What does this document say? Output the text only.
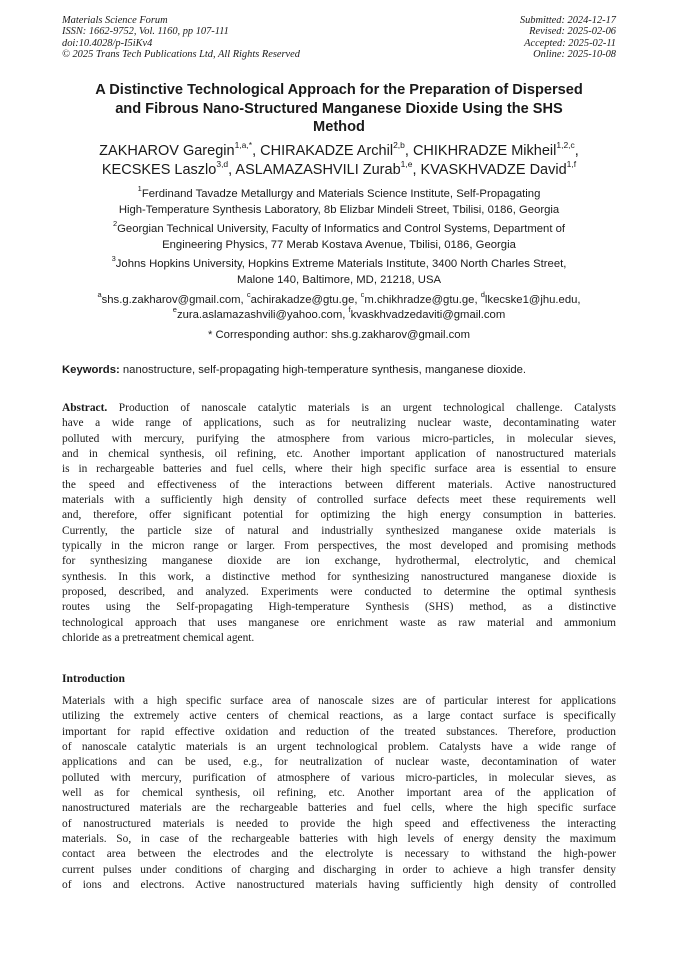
Materials Science Forum
ISSN: 1662-9752, Vol. 1160, pp 107-111
doi:10.4028/p-I5iKv4
© 2025 Trans Tech Publications Ltd, All Rights Reserved
Submitted: 2024-12-17
Revised: 2025-02-06
Accepted: 2025-02-11
Online: 2025-10-08
A Distinctive Technological Approach for the Preparation of Dispersed
and Fibrous Nano-Structured Manganese Dioxide Using the SHS
Method
ZAKHAROV Garegin$^{1,a,*}$, CHIRAKADZE Archil$^{2,b}$, CHIKHRADZE Mikheil$^{1,2,c}$,
KECSKES Laszlo$^{3,d}$, ASLAMAZASHVILI Zurab$^{1,e}$, KVASKHVADZE David$^{1,f}$
$^1$Ferdinand Tavadze Metallurgy and Materials Science Institute, Self-Propagating
High-Temperature Synthesis Laboratory, 8b Elizbar Mindeli Street, Tbilisi, 0186, Georgia
$^2$Georgian Technical University, Faculty of Informatics and Control Systems, Department of
Engineering Physics, 77 Merab Kostava Avenue, Tbilisi, 0186, Georgia
$^3$Johns Hopkins University, Hopkins Extreme Materials Institute, 3400 North Charles Street,
Malone 140, Baltimore, MD, 21218, USA
$^a$shs.g.zakharov@gmail.com, $^c$achirakadze@gtu.ge, $^c$m.chikhradze@gtu.ge, $^d$lkecske1@jhu.edu,
$^e$zura.aslamazashvili@yahoo.com, $^f$kvaskhvadzedaviti@gmail.com
* Corresponding author: shs.g.zakharov@gmail.com
Keywords: nanostructure, self-propagating high-temperature synthesis, manganese dioxide.
Abstract. Production of nanoscale catalytic materials is an urgent technological challenge. Catalysts
have a wide range of applications, such as for neutralizing nuclear waste, decontaminating water
polluted with mercury, purifying the atmosphere from various micro-particles, in molecular sieves,
and in chemical synthesis, oil refining, etc. Another important application of nanostructured materials
is in rechargeable batteries and fuel cells, where their high specific surface area is essential to ensure
the speed and effectiveness of the interactions between different materials. Active nanostructured
materials with a sufficiently high density of controlled surface defects meet these requirements well
and, therefore, offer significant potential for optimizing the high energy consumption in batteries.
Currently, the particle size of natural and industrially synthesized manganese oxide materials is
typically in the micron range or larger. From perspectives, the most developed and promising methods
for synthesizing manganese dioxide are ion exchange, hydrothermal, electrolytic, and chemical
synthesis. In this work, a distinctive method for synthesizing nanostructured manganese dioxide is
proposed, described, and analyzed. Experiments were conducted to determine the optimal synthesis
routes using the Self-propagating High-temperature Synthesis (SHS) method, as a distinctive
technological approach that uses manganese ore enrichment waste as raw material and ammonium
chloride as a pretreatment chemical agent.
Introduction
Materials with a high specific surface area of nanoscale sizes are of particular interest for applications
utilizing the extremely active centers of chemical reactions, as a large contact surface is specifically
important for rapid effective oxidation and reduction of the treated substances. Therefore, production
of nanoscale catalytic materials is an urgent technological problem. Catalysts have a wide range of
applications and can be used, e.g., for neutralization of nuclear waste, decontamination of water
polluted with mercury, purification of atmosphere of various micro-particles, in molecular sieves, as
well as for chemical synthesis, oil refining, etc. Another important area of the application of
nanostructured materials are the rechargeable batteries and fuel cells, where the high specific surface
of nanostructured materials is needed to provide the high speed and effectiveness the interacting
materials. So, in case of the rechargeable batteries with high levels of energy density the maximum
contact area between the electrodes and the electrolyte is necessary to withstand the high-power
current pulses under conditions of charging and discharging in order to achieve a high transfer density
of ions and electrons. Active nanostructured materials having sufficiently high density of controlled
